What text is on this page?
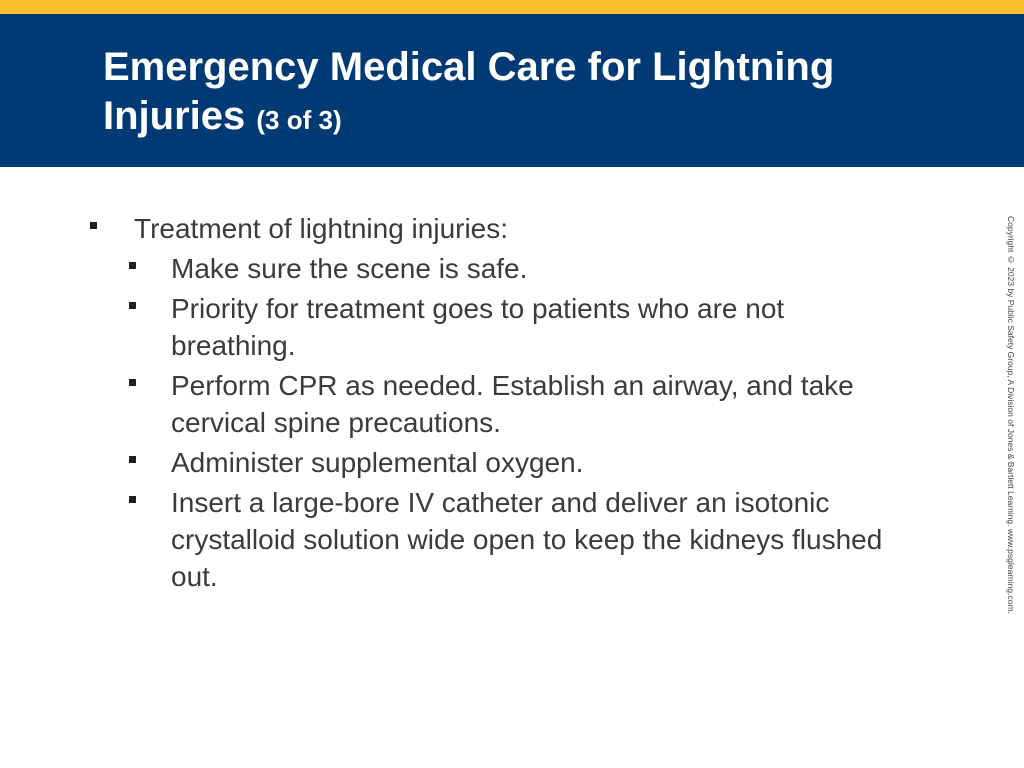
Emergency Medical Care for Lightning Injuries (3 of 3)
Treatment of lightning injuries:
Make sure the scene is safe.
Priority for treatment goes to patients who are not breathing.
Perform CPR as needed. Establish an airway, and take cervical spine precautions.
Administer supplemental oxygen.
Insert a large-bore IV catheter and deliver an isotonic crystalloid solution wide open to keep the kidneys flushed out.	Copyright © 2023 by Public Safety Group, A Division of Jones & Bartlett Learning. www.psglearning.com.
